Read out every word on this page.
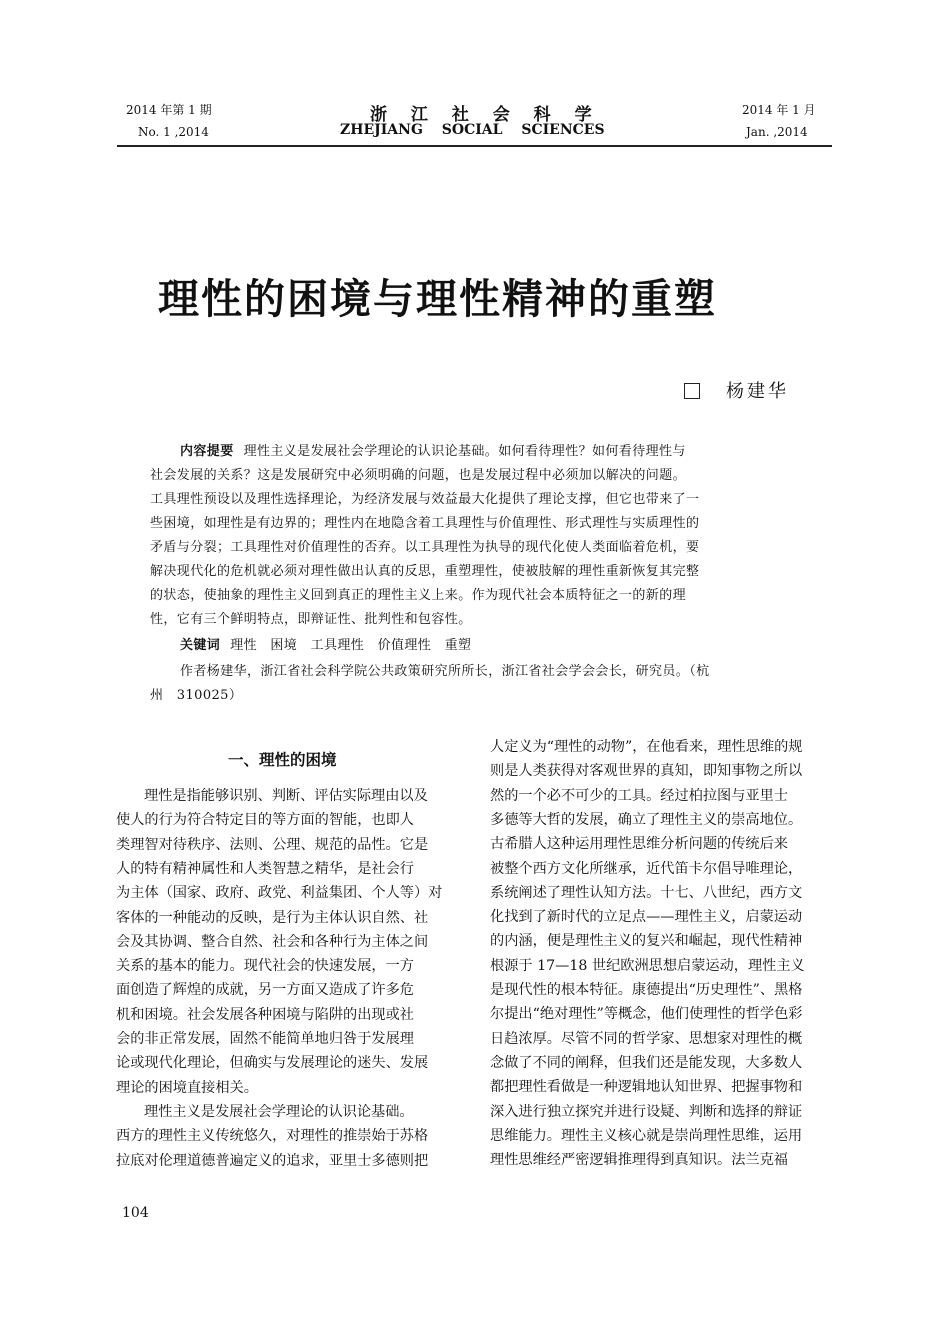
2014 年第 1 期
No. 1 ,2014
浙 江 社 会 科 学
ZHEJIANG SOCIAL SCIENCES
2014 年 1 月
Jan. ,2014
理性的困境与理性精神的重塑
杨建华
内容提要 理性主义是发展社会学理论的认识论基础。如何看待理性？如何看待理性与
社会发展的关系？这是发展研究中必须明确的问题，也是发展过程中必须加以解决的问题。
工具理性预设以及理性选择理论，为经济发展与效益最大化提供了理论支撑，但它也带来了一
些困境，如理性是有边界的；理性内在地隐含着工具理性与价值理性、形式理性与实质理性的
矛盾与分裂；工具理性对价值理性的否弃。以工具理性为执导的现代化使人类面临着危机，要
解决现代化的危机就必须对理性做出认真的反思，重塑理性，使被肢解的理性重新恢复其完整
的状态，使抽象的理性主义回到真正的理性主义上来。作为现代社会本质特征之一的新的理
性，它有三个鲜明特点，即辩证性、批判性和包容性。
关键词 理性　困境　工具理性　价值理性　重塑
作者杨建华，浙江省社会科学院公共政策研究所所长，浙江省社会学会会长，研究员。（杭
州　310025）
一、理性的困境
理性是指能够识别、判断、评估实际理由以及
使人的行为符合特定目的等方面的智能，也即人
类理智对待秩序、法则、公理、规范的品性。它是
人的特有精神属性和人类智慧之精华，是社会行
为主体（国家、政府、政党、利益集团、个人等）对
客体的一种能动的反映，是行为主体认识自然、社
会及其协调、整合自然、社会和各种行为主体之间
关系的基本的能力。现代社会的快速发展，一方
面创造了辉煌的成就，另一方面又造成了许多危
机和困境。社会发展各种困境与陷阱的出现或社
会的非正常发展，固然不能简单地归咎于发展理
论或现代化理论，但确实与发展理论的迷失、发展
理论的困境直接相关。
理性主义是发展社会学理论的认识论基础。
西方的理性主义传统悠久，对理性的推崇始于苏格
拉底对伦理道德普遍定义的追求，亚里士多德则把
人定义为“理性的动物”，在他看来，理性思维的规
则是人类获得对客观世界的真知，即知事物之所以
然的一个必不可少的工具。经过柏拉图与亚里士
多德等大哲的发展，确立了理性主义的崇高地位。
古希腊人这种运用理性思维分析问题的传统后来
被整个西方文化所继承，近代笛卡尔倡导唯理论，
系统阐述了理性认知方法。十七、八世纪，西方文
化找到了新时代的立足点——理性主义，启蒙运动
的内涵，便是理性主义的复兴和崛起，现代性精神
根源于 17—18 世纪欧洲思想启蒙运动，理性主义
是现代性的根本特征。康德提出“历史理性”、黑格
尔提出“绝对理性”等概念，他们使理性的哲学色彩
日趋浓厚。尽管不同的哲学家、思想家对理性的概
念做了不同的阐释，但我们还是能发现，大多数人
都把理性看做是一种逻辑地认知世界、把握事物和
深入进行独立探究并进行设疑、判断和选择的辩证
思维能力。理性主义核心就是崇尚理性思维，运用
理性思维经严密逻辑推理得到真知识。法兰克福
104
